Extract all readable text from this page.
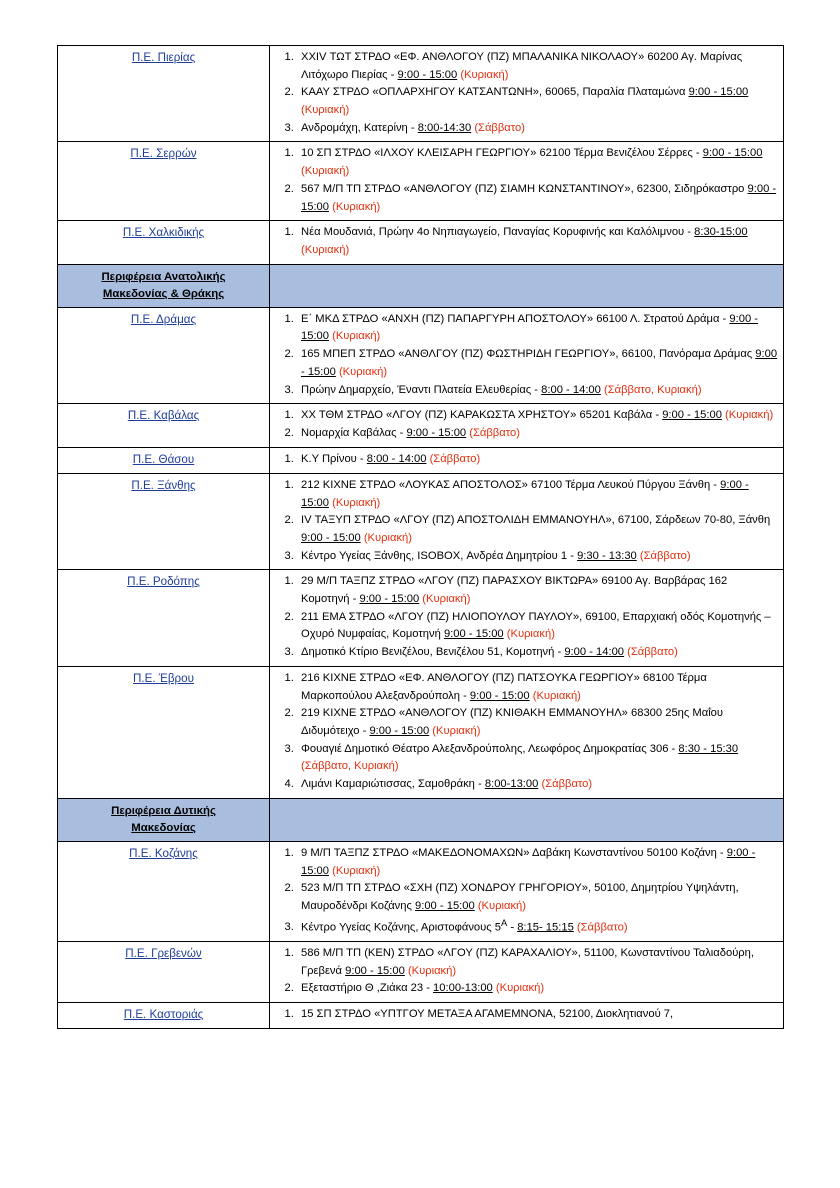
Π.Ε. Πιερίας	
1.XXIV ΤΩΤ ΣΤΡΔΟ «ΕΦ. ΑΝΘΛΟΓΟΥ (ΠΖ) ΜΠΑΛΑΝΙΚΑ ΝΙΚΟΛΑΟΥ» 60200 Αγ. Μαρίνας Λιτόχωρο Πιερίας - 9:00 - 15:00 (Κυριακή)
2. ΚΑΑΥ ΣΤΡΔΟ «ΟΠΛΑΡΧΗΓΟΥ ΚΑΤΣΑΝΤΩΝΗ», 60065, Παραλία Πλαταμώνα 9:00 - 15:00 (Κυριακή)
3. Ανδρομάχη, Κατερίνη - 8:00-14:30 (Σάββατο)

Π.Ε. Σερρών	
1.10 ΣΠ ΣΤΡΔΟ «ΙΛΧΟΥ ΚΛΕΙΣΑΡΗ ΓΕΩΡΓΙΟΥ» 62100 Τέρμα Βενιζέλου Σέρρες - 9:00 - 15:00 (Κυριακή)
2. 567 Μ/Π ΤΠ ΣΤΡΔΟ «ΑΝΘΛΟΓΟΥ (ΠΖ) ΣΙΑΜΗ ΚΩΝΣΤΑΝΤΙΝΟΥ», 62300, Σιδηρόκαστρο 9:00 - 15:00 (Κυριακή)

Π.Ε. Χαλκιδικής	
1.Νέα Μουδανιά, Πρώην 4ο Νηπιαγωγείο, Παναγίας Κορυφινής και Καλόλιμνου - 8:30-15:00 (Κυριακή)

Περιφέρεια Ανατολικής
Μακεδονίας & Θράκης	

Π.Ε. Δράμας	
1.Ε΄ ΜΚΔ ΣΤΡΔΟ «ΑΝΧΗ (ΠΖ) ΠΑΠΑΡΓΥΡΗ ΑΠΟΣΤΟΛΟΥ» 66100 Λ. Στρατού Δράμα - 9:00 - 15:00 (Κυριακή)
2. 165 ΜΠΕΠ ΣΤΡΔΟ «ΑΝΘΛΓΟΥ (ΠΖ) ΦΩΣΤΗΡΙΔΗ ΓΕΩΡΓΙΟΥ», 66100, Πανόραμα Δράμας 9:00 - 15:00 (Κυριακή)
3. Πρώην Δημαρχείο, Έναντι Πλατεία Ελευθερίας - 8:00 - 14:00 (Σάββατο, Κυριακή)

Π.Ε. Καβάλας	
1.ΧΧ ΤΘΜ ΣΤΡΔΟ «ΛΓΟΥ (ΠΖ) ΚΑΡΑΚΩΣΤΑ ΧΡΗΣΤΟΥ» 65201 Καβάλα - 9:00 - 15:00 (Κυριακή)
2. Νομαρχία Καβάλας - 9:00 - 15:00 (Σάββατο)

Π.Ε. Θάσου	
1.Κ.Υ Πρίνου - 8:00 - 14:00 (Σάββατο)

Π.Ε. Ξάνθης	
1.212 ΚΙΧΝΕ ΣΤΡΔΟ «ΛΟΥΚΑΣ ΑΠΟΣΤΟΛΟΣ» 67100 Τέρμα Λευκού Πύργου Ξάνθη - 9:00 - 15:00 (Κυριακή)
2. ΙV ΤΑΞΥΠ ΣΤΡΔΟ «ΛΓΟΥ (ΠΖ) ΑΠΟΣΤΟΛΙΔΗ ΕΜΜΑΝΟΥΗΛ», 67100, Σάρδεων 70-80, Ξάνθη 9:00 - 15:00 (Κυριακή)
3. Κέντρο Υγείας Ξάνθης, ISOBOX, Ανδρέα Δημητρίου 1 - 9:30 - 13:30 (Σάββατο)

Π.Ε. Ροδόπης	
1.29 Μ/Π ΤΑΞΠΖ ΣΤΡΔΟ «ΛΓΟΥ (ΠΖ) ΠΑΡΑΣΧΟΥ ΒΙΚΤΩΡΑ» 69100 Αγ. Βαρβάρας 162 Κομοτηνή - 9:00 - 15:00 (Κυριακή)
2. 211 ΕΜΑ ΣΤΡΔΟ «ΛΓΟΥ (ΠΖ) ΗΛΙΟΠΟΥΛΟΥ ΠΑΥΛΟΥ», 69100, Επαρχιακή οδός Κομοτηνής – Οχυρό Νυμφαίας, Κομοτηνή 9:00 - 15:00 (Κυριακή)
3. Δημοτικό Κτίριο Βενιζέλου, Βενιζέλου 51, Κομοτηνή - 9:00 - 14:00 (Σάββατο)

Π.Ε. Έβρου	
1.216 ΚΙΧΝΕ ΣΤΡΔΟ «ΕΦ. ΑΝΘΛΟΓΟΥ (ΠΖ) ΠΑΤΣΟΥΚΑ ΓΕΩΡΓΙΟΥ» 68100 Τέρμα Μαρκοπούλου Αλεξανδρούπολη - 9:00 - 15:00 (Κυριακή)
2. 219 ΚΙΧΝΕ ΣΤΡΔΟ «ΑΝΘΛΟΓΟΥ (ΠΖ) ΚΝΙΘΑΚΗ ΕΜΜΑΝΟΥΗΛ» 68300 25ης Μαΐου Διδυμότειχο - 9:00 - 15:00 (Κυριακή)
3. Φουαγιέ Δημοτικό Θέατρο Αλεξανδρούπολης, Λεωφόρος Δημοκρατίας 306 - 8:30 - 15:30 (Σάββατο, Κυριακή)
4. Λιμάνι Καμαριώτισσας, Σαμοθράκη - 8:00-13:00 (Σάββατο)

Περιφέρεια Δυτικής
Μακεδονίας	

Π.Ε. Κοζάνης	
1.9 Μ/Π ΤΑΞΠΖ ΣΤΡΔΟ «ΜΑΚΕΔΟΝΟΜΑΧΩΝ» Δαβάκη Κωνσταντίνου 50100 Κοζάνη - 9:00 - 15:00 (Κυριακή)
2. 523 Μ/Π ΤΠ ΣΤΡΔΟ «ΣΧΗ (ΠΖ) ΧΟΝΔΡΟΥ ΓΡΗΓΟΡΙΟΥ», 50100, Δημητρίου Υψηλάντη, Μαυροδένδρι Κοζάνης 9:00 - 15:00 (Κυριακή)
3. Κέντρο Υγείας Κοζάνης, Αριστοφάνους $5^A$ - 8:15- 15:15 (Σάββατο)

Π.Ε. Γρεβενών	
1.586 Μ/Π ΤΠ (ΚΕΝ) ΣΤΡΔΟ «ΛΓΟΥ (ΠΖ) ΚΑΡΑΧΑΛΙΟΥ», 51100, Κωνσταντίνου Ταλιαδούρη, Γρεβενά 9:00 - 15:00 (Κυριακή)
2. Εξεταστήριο Θ ,Ζιάκα 23 - 10:00-13:00 (Κυριακή)

Π.Ε. Καστοριάς	
1.15 ΣΠ ΣΤΡΔΟ «ΥΠΤΓΟΥ ΜΕΤΑΞΑ ΑΓΑΜΕΜΝΟΝΑ, 52100, Διοκλητιανού 7,
